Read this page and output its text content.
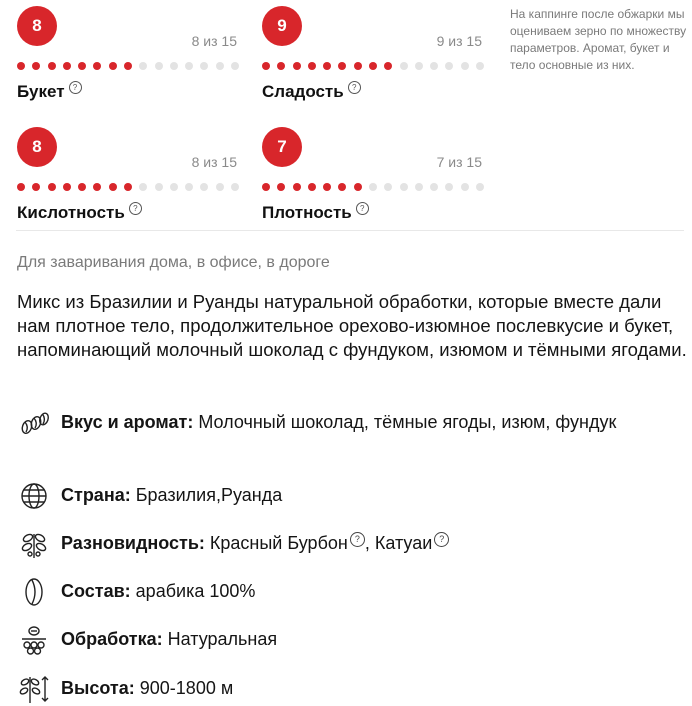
8
8 из 15
Букет	?
9
9 из 15
Сладость	?
8
8 из 15
Кислотность	?
7
7 из 15
Плотность	?
На каппинге после обжарки мы оцениваем зерно по множеству параметров. Аромат, букет и тело основные из них.
Для заваривания дома, в офисе, в дороге
Микс из Бразилии и Руанды натуральной обработки, которые вместе дали нам плотное тело, продолжительное орехово-изюмное послевкусие и букет, напоминающий молочный шоколад с фундуком, изюмом и тёмными ягодами.
Вкус и аромат: Молочный шоколад, тёмные ягоды, изюм, фундук
Страна: Бразилия,Руанда
Разновидность: Красный Бурбон ? , Катуаи ?
Состав: арабика 100%
Обработка: Натуральная
Высота: 900-1800 м
